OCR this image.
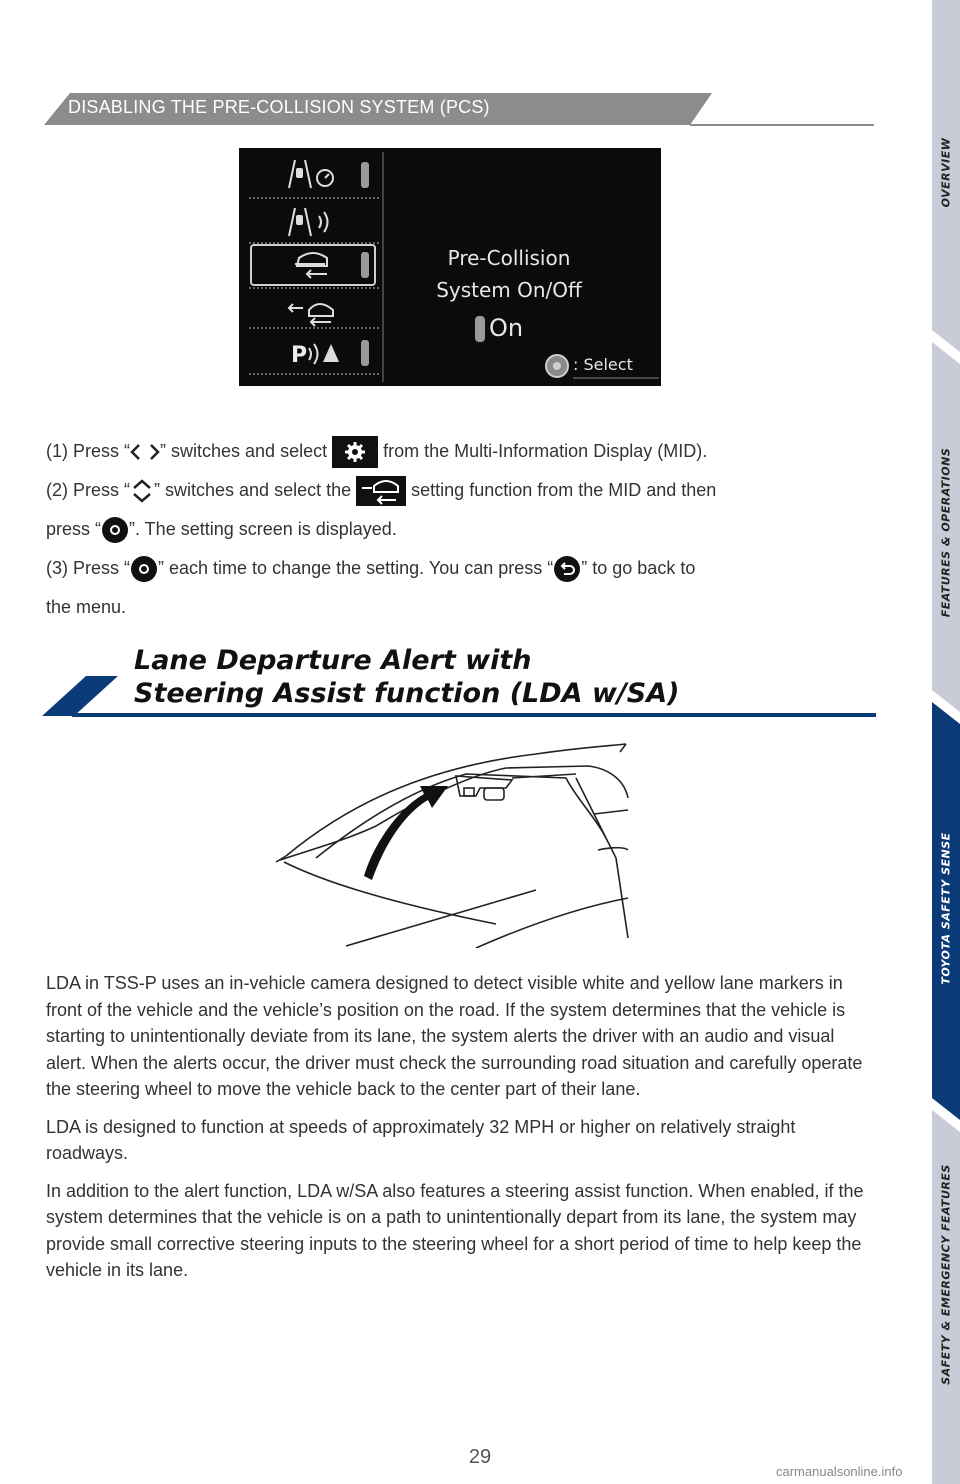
OVERVIEW
FEATURES & OPERATIONS
TOYOTA SAFETY SENSE
SAFETY & EMERGENCY FEATURES
DISABLING THE PRE-COLLISION SYSTEM (PCS)
P
Pre-Collision
System On/Off
On
: Select

(1) Press “ ” switches and select	from the Multi-Information Display (MID).

(2) Press “ ” switches and select the	setting function from the MID and then

press “ ”. The setting screen is displayed.

(3) Press “ ” each time to change the setting. You can press “ ” to go back to

the menu.

Lane Departure Alert with
Steering Assist function (LDA w/SA)

LDA in TSS-P uses an in-vehicle camera designed to detect visible white and yellow lane markers in front of the vehicle and the vehicle’s position on the road. If the system determines that the vehicle is starting to unintentionally deviate from its lane, the system alerts the driver with an audio and visual alert. When the alerts occur, the driver must check the surrounding road situation and carefully operate the steering wheel to move the vehicle back to the center part of their lane.

LDA is designed to function at speeds of approximately 32 MPH or higher on relatively straight roadways.

In addition to the alert function, LDA w/SA also features a steering assist function. When enabled, if the system determines that the vehicle is on a path to unintentionally depart from its lane, the system may provide small corrective steering inputs to the steering wheel for a short period of time to help keep the vehicle in its lane.

29
carmanualsonline.info
